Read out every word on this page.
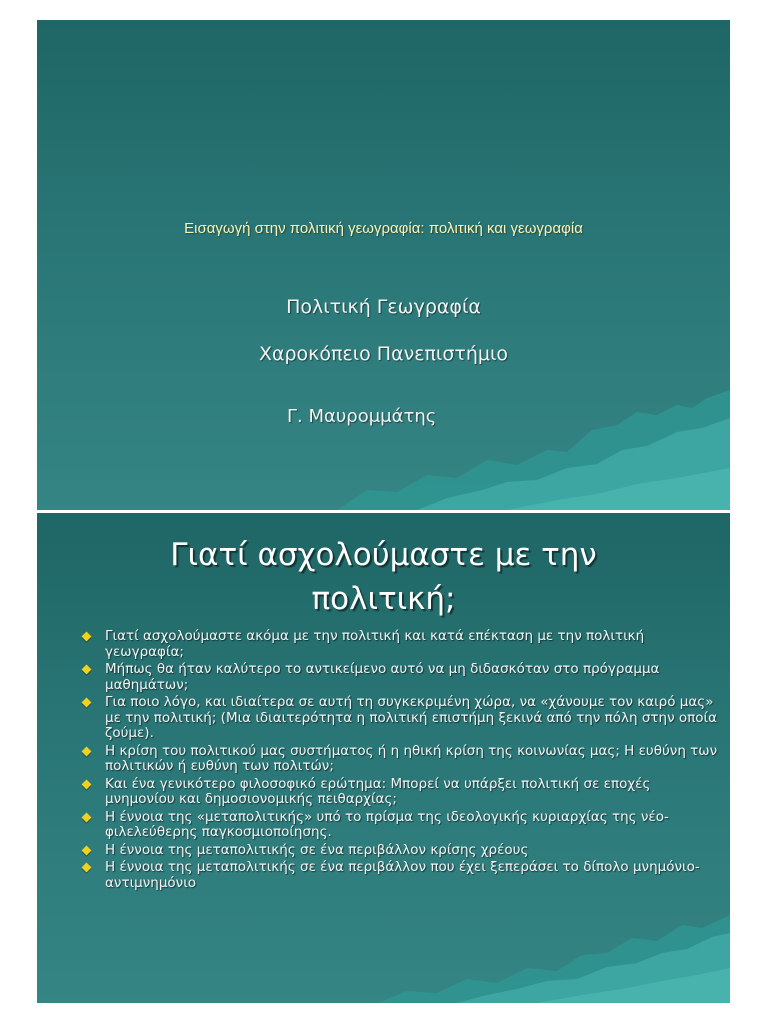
Εισαγωγή στην πολιτική γεωγραφία: πολιτική και γεωγραφία
Πολιτική Γεωγραφία
Χαροκόπειο Πανεπιστήμιο
Γ. Μαυρομμάτης
Γιατί ασχολούμαστε με την
πολιτική;
Γιατί ασχολούμαστε ακόμα με την πολιτική και κατά επέκταση με την πολιτική γεωγραφία;
Μήπως θα ήταν καλύτερο το αντικείμενο αυτό να μη διδασκόταν στο πρόγραμμα μαθημάτων;
Για ποιο λόγο, και ιδιαίτερα σε αυτή τη συγκεκριμένη χώρα, να «χάνουμε τον καιρό μας» με την πολιτική; (Μια ιδιαιτερότητα η πολιτική επιστήμη ξεκινά από την πόλη στην οποία ζούμε).
Η κρίση του πολιτικού μας συστήματος ή η ηθική κρίση της κοινωνίας μας; Η ευθύνη των πολιτικών ή ευθύνη των πολιτών;
Και ένα γενικότερο φιλοσοφικό ερώτημα: Μπορεί να υπάρξει πολιτική σε εποχές μνημονίου και δημοσιονομικής πειθαρχίας;
Η έννοια της «μεταπολιτικής» υπό το πρίσμα της ιδεολογικής κυριαρχίας της νέο-φιλελεύθερης παγκοσμιοποίησης.
Η έννοια της μεταπολιτικής σε ένα περιβάλλον κρίσης χρέους
Η έννοια της μεταπολιτικής σε ένα περιβάλλον που έχει ξεπεράσει το δίπολο μνημόνιο-αντιμνημόνιο
